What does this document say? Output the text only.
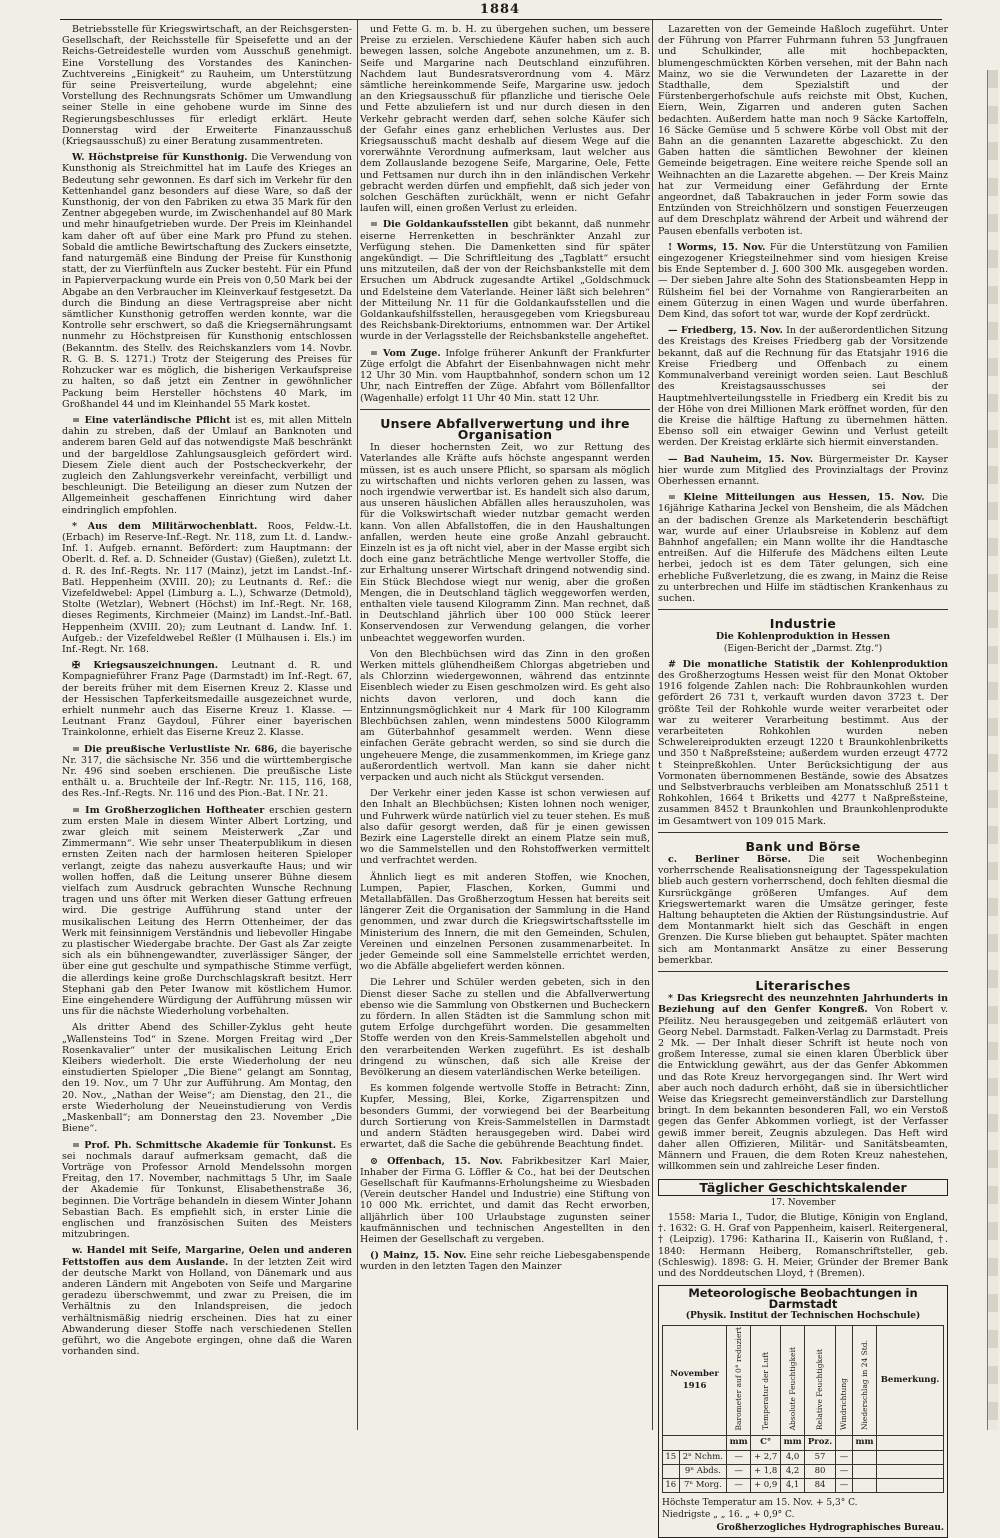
1884

Betriebsstelle für Kriegswirtschaft, an der Reichsgersten-Gesellschaft, der Reichsstelle für Speisefette und an der Reichs-Getreidestelle wurden vom Ausschuß genehmigt. Eine Vorstellung des Vorstandes des Kaninchen-Zuchtvereins „Einigkeit“ zu Rauheim, um Unterstützung für seine Preisverteilung, wurde abgelehnt; eine Vorstellung des Rechnungsrats Schömer um Umwandlung seiner Stelle in eine gehobene wurde im Sinne des Regierungsbeschlusses für erledigt erklärt. Heute Donnerstag wird der Erweiterte Finanzausschuß (Kriegsausschuß) zu einer Beratung zusammentreten.

W. Höchstpreise für Kunsthonig. Die Verwendung von Kunsthonig als Streichmittel hat im Laufe des Krieges an Bedeutung sehr gewonnen. Es darf sich im Verkehr für den Kettenhandel ganz besonders auf diese Ware, so daß der Kunsthonig, der von den Fabriken zu etwa 35 Mark für den Zentner abgegeben wurde, im Zwischenhandel auf 80 Mark und mehr hinaufgetrieben wurde. Der Preis im Kleinhandel kam daher oft auf über eine Mark pro Pfund zu stehen. Sobald die amtliche Bewirtschaftung des Zuckers einsetzte, fand naturgemäß eine Bindung der Preise für Kunsthonig statt, der zu Vierfünfteln aus Zucker besteht. Für ein Pfund in Papierverpackung wurde ein Preis von 0,50 Mark bei der Abgabe an den Verbraucher im Kleinverkauf festgesetzt. Da durch die Bindung an diese Vertragspreise aber nicht sämtlicher Kunsthonig getroffen werden konnte, war die Kontrolle sehr erschwert, so daß die Kriegsernährungsamt nunmehr zu Höchstpreisen für Kunsthonig entschlossen (Bekanntm. des Stellv. des Reichskanzlers vom 14. Novbr. R. G. B. S. 1271.) Trotz der Steigerung des Preises für Rohzucker war es möglich, die bisherigen Verkaufspreise zu halten, so daß jetzt ein Zentner in gewöhnlicher Packung beim Hersteller höchstens 40 Mark, im Großhandel 44 und im Kleinhandel 55 Mark kostet.

= Eine vaterländische Pflicht ist es, mit allen Mitteln dahin zu streben, daß der Umlauf an Banknoten und anderem baren Geld auf das notwendigste Maß beschränkt und der bargeldlose Zahlungsausgleich gefördert wird. Diesem Ziele dient auch der Postscheckverkehr, der zugleich den Zahlungsverkehr vereinfacht, verbilligt und beschleunigt. Die Beteiligung an dieser zum Nutzen der Allgemeinheit geschaffenen Einrichtung wird daher eindringlich empfohlen.

* Aus dem Militärwochenblatt. Roos, Feldw.-Lt. (Erbach) im Reserve-Inf.-Regt. Nr. 118, zum Lt. d. Landw.-Inf. 1. Aufgeb. ernannt. Befördert: zum Hauptmann: der Oberlt. d. Ref. a. D. Schneider (Gustav) (Gießen), zuletzt Lt. d. R. des Inf.-Regts. Nr. 117 (Mainz), jetzt im Landst.-Inf.-Batl. Heppenheim (XVIII. 20); zu Leutnants d. Ref.: die Vizefeldwebel: Appel (Limburg a. L.), Schwarze (Detmold), Stolte (Wetzlar), Webnert (Höchst) im Inf.-Regt. Nr. 168, dieses Regiments, Kirchmeier (Mainz) im Landst.-Inf.-Batl. Heppenheim (XVIII. 20); zum Leutnant d. Landw. Inf. 1. Aufgeb.: der Vizefeldwebel Reßler (I Mülhausen i. Els.) im Inf.-Regt. Nr. 168.

✠ Kriegsauszeichnungen. Leutnant d. R. und Kompagnieführer Franz Page (Darmstadt) im Inf.-Regt. 67, der bereits früher mit dem Eisernen Kreuz 2. Klasse und der Hessischen Tapferkeitsmedaille ausgezeichnet wurde, erhielt nunmehr auch das Eiserne Kreuz 1. Klasse. — Leutnant Franz Gaydoul, Führer einer bayerischen Trainkolonne, erhielt das Eiserne Kreuz 2. Klasse.

= Die preußische Verlustliste Nr. 686, die bayerische Nr. 317, die sächsische Nr. 356 und die württembergische Nr. 496 sind soeben erschienen. Die preußische Liste enthält u. a. Bruchteile der Inf.-Regtr. Nr. 115, 116, 168, des Res.-Inf.-Regts. Nr. 116 und des Pion.-Bat. I Nr. 21.

= Im Großherzoglichen Hoftheater erschien gestern zum ersten Male in diesem Winter Albert Lortzing, und zwar gleich mit seinem Meisterwerk „Zar und Zimmermann“. Wie sehr unser Theaterpublikum in diesen ernsten Zeiten nach der harmlosen heiteren Spieloper verlangt, zeigte das nahezu ausverkaufte Haus; und wir wollen hoffen, daß die Leitung unserer Bühne diesem vielfach zum Ausdruck gebrachten Wunsche Rechnung tragen und uns öfter mit Werken dieser Gattung erfreuen wird. Die gestrige Aufführung stand unter der musikalischen Leitung des Herrn Ottenheimer, der das Werk mit feinsinnigem Verständnis und liebevoller Hingabe zu plastischer Wiedergabe brachte. Der Gast als Zar zeigte sich als ein bühnengewandter, zuverlässiger Sänger, der über eine gut geschulte und sympathische Stimme verfügt, die allerdings keine große Durchschlagskraft besitzt. Herr Stephani gab den Peter Iwanow mit köstlichem Humor. Eine eingehendere Würdigung der Aufführung müssen wir uns für die nächste Wiederholung vorbehalten.

Als dritter Abend des Schiller-Zyklus geht heute „Wallensteins Tod“ in Szene. Morgen Freitag wird „Der Rosenkavalier“ unter der musikalischen Leitung Erich Kleibers wiederholt. Die erste Wiederholung der neu einstudierten Spieloper „Die Biene“ gelangt am Sonntag, den 19. Nov., um 7 Uhr zur Aufführung. Am Montag, den 20. Nov., „Nathan der Weise“; am Dienstag, den 21., die erste Wiederholung der Neueinstudierung von Verdis „Maskenball“; am Donnerstag den 23. November „Die Biene“.

= Prof. Ph. Schmittsche Akademie für Tonkunst. Es sei nochmals darauf aufmerksam gemacht, daß die Vorträge von Professor Arnold Mendelssohn morgen Freitag, den 17. November, nachmittags 5 Uhr, im Saale der Akademie für Tonkunst, Elisabethenstraße 36, beginnen. Die Vorträge behandeln in diesem Winter Johann Sebastian Bach. Es empfiehlt sich, in erster Linie die englischen und französischen Suiten des Meisters mitzubringen.

w. Handel mit Seife, Margarine, Oelen und anderen Fettstoffen aus dem Auslande. In der letzten Zeit wird der deutsche Markt von Holland, von Dänemark und aus anderen Ländern mit Angeboten von Seife und Margarine geradezu überschwemmt, und zwar zu Preisen, die im Verhältnis zu den Inlandspreisen, die jedoch verhältnismäßig niedrig erscheinen. Dies hat zu einer Abwanderung dieser Stoffe nach verschiedenen Stellen geführt, wo die Angebote ergingen, ohne daß die Waren vorhanden sind.

und Fette G. m. b. H. zu übergehen suchen, um bessere Preise zu erzielen. Verschiedene Käufer haben sich auch bewegen lassen, solche Angebote anzunehmen, um z. B. Seife und Margarine nach Deutschland einzuführen. Nachdem laut Bundesratsverordnung vom 4. März sämtliche hereinkommende Seife, Margarine usw. jedoch an den Kriegsausschuß für pflanzliche und tierische Oele und Fette abzuliefern ist und nur durch diesen in den Verkehr gebracht werden darf, sehen solche Käufer sich der Gefahr eines ganz erheblichen Verlustes aus. Der Kriegsausschuß macht deshalb auf diesem Wege auf die vorerwähnte Verordnung aufmerksam, laut welcher aus dem Zollauslande bezogene Seife, Margarine, Oele, Fette und Fettsamen nur durch ihn in den inländischen Verkehr gebracht werden dürfen und empfiehlt, daß sich jeder von solchen Geschäften zurückhält, wenn er nicht Gefahr laufen will, einen großen Verlust zu erleiden.

= Die Goldankaufsstellen gibt bekannt, daß nunmehr eiserne Herrenketten in beschränkter Anzahl zur Verfügung stehen. Die Damenketten sind für später angekündigt. — Die Schriftleitung des „Tagblatt“ ersucht uns mitzuteilen, daß der von der Reichsbankstelle mit dem Ersuchen um Abdruck zugesandte Artikel „Goldschmuck und Edelsteine dem Vaterlande. Heiner läßt sich belehren“ der Mitteilung Nr. 11 für die Goldankaufsstellen und die Goldankaufshilfsstellen, herausgegeben vom Kriegsbureau des Reichsbank-Direktoriums, entnommen war. Der Artikel wurde in der Verlagsstelle der Reichsbankstelle angeheftet.

= Vom Zuge. Infolge früherer Ankunft der Frankfurter Züge erfolgt die Abfahrt der Eisenbahnwagen nicht mehr 12 Uhr 30 Min. vom Hauptbahnhof, sondern schon um 12 Uhr, nach Eintreffen der Züge. Abfahrt vom Böllenfalltor (Wagenhalle) erfolgt 11 Uhr 40 Min. statt 12 Uhr.

Unsere Abfallverwertung und ihre Organisation

In dieser hochernsten Zeit, wo zur Rettung des Vaterlandes alle Kräfte aufs höchste angespannt werden müssen, ist es auch unsere Pflicht, so sparsam als möglich zu wirtschaften und nichts verloren gehen zu lassen, was noch irgendwie verwertbar ist. Es handelt sich also darum, aus unseren häuslichen Abfällen alles herauszuholen, was für die Volkswirtschaft wieder nutzbar gemacht werden kann. Von allen Abfallstoffen, die in den Haushaltungen anfallen, werden heute eine große Anzahl gebraucht. Einzeln ist es ja oft nicht viel, aber in der Masse ergibt sich doch eine ganz beträchtliche Menge wertvoller Stoffe, die zur Erhaltung unserer Wirtschaft dringend notwendig sind. Ein Stück Blechdose wiegt nur wenig, aber die großen Mengen, die in Deutschland täglich weggeworfen werden, enthalten viele tausend Kilogramm Zinn. Man rechnet, daß in Deutschland jährlich über 100 000 Stück leerer Konservendosen zur Verwendung gelangen, die vorher unbeachtet weggeworfen wurden.

Von den Blechbüchsen wird das Zinn in den großen Werken mittels glühendheißem Chlorgas abgetrieben und als Chlorzinn wiedergewonnen, während das entzinnte Eisenblech wieder zu Eisen geschmolzen wird. Es geht also nichts davon verloren, und doch kann die Entzinnungsmöglichkeit nur 4 Mark für 100 Kilogramm Blechbüchsen zahlen, wenn mindestens 5000 Kilogramm am Güterbahnhof gesammelt werden. Wenn diese einfachen Geräte gebracht werden, so sind sie durch die ungeheuere Menge, die zusammenkommen, im Kriege ganz außerordentlich wertvoll. Man kann sie daher nicht verpacken und auch nicht als Stückgut versenden.

Der Verkehr einer jeden Kasse ist schon verwiesen auf den Inhalt an Blechbüchsen; Kisten lohnen noch weniger, und Fuhrwerk würde natürlich viel zu teuer stehen. Es muß also dafür gesorgt werden, daß für je einen gewissen Bezirk eine Lagerstelle direkt an einem Platze sein muß, wo die Sammelstellen und den Rohstoffwerken vermittelt und verfrachtet werden.

Ähnlich liegt es mit anderen Stoffen, wie Knochen, Lumpen, Papier, Flaschen, Korken, Gummi und Metallabfällen. Das Großherzogtum Hessen hat bereits seit längerer Zeit die Organisation der Sammlung in die Hand genommen, und zwar durch die Kriegswirtschaftsstelle im Ministerium des Innern, die mit den Gemeinden, Schulen, Vereinen und einzelnen Personen zusammenarbeitet. In jeder Gemeinde soll eine Sammelstelle errichtet werden, wo die Abfälle abgeliefert werden können.

Die Lehrer und Schüler werden gebeten, sich in den Dienst dieser Sache zu stellen und die Abfallverwertung ebenso wie die Sammlung von Obstkernen und Bucheckern zu fördern. In allen Städten ist die Sammlung schon mit gutem Erfolge durchgeführt worden. Die gesammelten Stoffe werden von den Kreis-Sammelstellen abgeholt und den verarbeitenden Werken zugeführt. Es ist deshalb dringend zu wünschen, daß sich alle Kreise der Bevölkerung an diesem vaterländischen Werke beteiligen.

Es kommen folgende wertvolle Stoffe in Betracht: Zinn, Kupfer, Messing, Blei, Korke, Zigarrenspitzen und besonders Gummi, der vorwiegend bei der Bearbeitung durch Sortierung von Kreis-Sammelstellen in Darmstadt und andern Städten herausgegeben wird. Dabei wird erwartet, daß die Sache die gebührende Beachtung findet.

⊙ Offenbach, 15. Nov. Fabrikbesitzer Karl Maier, Inhaber der Firma G. Löffler & Co., hat bei der Deutschen Gesellschaft für Kaufmanns-Erholungsheime zu Wiesbaden (Verein deutscher Handel und Industrie) eine Stiftung von 10 000 Mk. errichtet, und damit das Recht erworben, alljährlich über 100 Urlaubstage zugunsten seiner kaufmännischen und technischen Angestellten in den Heimen der Gesellschaft zu vergeben.

() Mainz, 15. Nov. Eine sehr reiche Liebesgabenspende wurden in den letzten Tagen den Mainzer

Lazaretten von der Gemeinde Haßloch zugeführt. Unter der Führung von Pfarrer Fuhrmann fuhren 53 Jungfrauen und Schulkinder, alle mit hochbepackten, blumengeschmückten Körben versehen, mit der Bahn nach Mainz, wo sie die Verwundeten der Lazarette in der Stadthalle, dem Spezialstift und der Fürstenbergerhofschule aufs reichste mit Obst, Kuchen, Eiern, Wein, Zigarren und anderen guten Sachen bedachten. Außerdem hatte man noch 9 Säcke Kartoffeln, 16 Säcke Gemüse und 5 schwere Körbe voll Obst mit der Bahn an die genannten Lazarette abgeschickt. Zu den Gaben hatten die sämtlichen Bewohner der kleinen Gemeinde beigetragen. Eine weitere reiche Spende soll an Weihnachten an die Lazarette abgehen. — Der Kreis Mainz hat zur Vermeidung einer Gefährdung der Ernte angeordnet, daß Tabakrauchen in jeder Form sowie das Entzünden von Streichhölzern und sonstigen Feuerzeugen auf dem Dreschplatz während der Arbeit und während der Pausen ebenfalls verboten ist.

! Worms, 15. Nov. Für die Unterstützung von Familien eingezogener Kriegsteilnehmer sind vom hiesigen Kreise bis Ende September d. J. 600 300 Mk. ausgegeben worden. — Der sieben Jahre alte Sohn des Stationsbeamten Hepp in Rülsheim fiel bei der Vornahme von Rangierarbeiten an einem Güterzug in einen Wagen und wurde überfahren. Dem Kind, das sofort tot war, wurde der Kopf zerdrückt.

— Friedberg, 15. Nov. In der außerordentlichen Sitzung des Kreistags des Kreises Friedberg gab der Vorsitzende bekannt, daß auf die Rechnung für das Etatsjahr 1916 die Kreise Friedberg und Offenbach zu einem Kommunalverband vereinigt worden seien. Laut Beschluß des Kreistagsausschusses sei der Hauptmehlverteilungsstelle in Friedberg ein Kredit bis zu der Höhe von drei Millionen Mark eröffnet worden, für den die Kreise die hälftige Haftung zu übernehmen hätten. Ebenso soll ein etwaiger Gewinn und Verlust geteilt werden. Der Kreistag erklärte sich hiermit einverstanden.

— Bad Nauheim, 15. Nov. Bürgermeister Dr. Kayser hier wurde zum Mitglied des Provinzialtags der Provinz Oberhessen ernannt.

= Kleine Mitteilungen aus Hessen, 15. Nov. Die 16jährige Katharina Jeckel von Bensheim, die als Mädchen an der badischen Grenze als Marketenderin beschäftigt war, wurde auf einer Urlaubsreise in Koblenz auf dem Bahnhof angefallen; ein Mann wollte ihr die Handtasche entreißen. Auf die Hilferufe des Mädchens eilten Leute herbei, jedoch ist es dem Täter gelungen, sich eine erhebliche Fußverletzung, die es zwang, in Mainz die Reise zu unterbrechen und Hilfe im städtischen Krankenhaus zu suchen.

Industrie
Die Kohlenproduktion in Hessen
(Eigen-Bericht der „Darmst. Ztg.“)

# Die monatliche Statistik der Kohlenproduktion des Großherzogtums Hessen weist für den Monat Oktober 1916 folgende Zahlen nach: Die Rohbraunkohlen wurden gefördert 26 731 t, verkauft wurden davon 3723 t. Der größte Teil der Rohkohle wurde weiter verarbeitet oder war zu weiterer Verarbeitung bestimmt. Aus der verarbeiteten Rohkohlen wurden neben Schwelereiprodukten erzeugt 1220 t Braunkohlenbriketts und 350 t Naßpreßsteine; außerdem wurden erzeugt 4772 t Steinpreßkohlen. Unter Berücksichtigung der aus Vormonaten übernommenen Bestände, sowie des Absatzes und Selbstverbrauchs verbleiben am Monatsschluß 2511 t Rohkohlen, 1664 t Briketts und 4277 t Naßpreßsteine, zusammen 8452 t Braunkohlen und Braunkohlenprodukte im Gesamtwert von 109 015 Mark.

Bank und Börse

c. Berliner Börse. Die seit Wochenbeginn vorherrschende Realisationsneigung der Tagesspekulation blieb auch gestern vorherrschend, doch fehlten diesmal die Kursrückgänge größeren Umfanges. Auf dem Kriegswertemarkt waren die Umsätze geringer, feste Haltung behaupteten die Aktien der Rüstungsindustrie. Auf dem Montanmarkt hielt sich das Geschäft in engen Grenzen. Die Kurse blieben gut behauptet. Später machten sich am Montanmarkt Ansätze zu einer Besserung bemerkbar.

Literarisches

* Das Kriegsrecht des neunzehnten Jahrhunderts in Beziehung auf den Genfer Kongreß. Von Robert v. Pfeilitz. Neu herausgegeben und zeitgemäß erläutert von Georg Nebel. Darmstadt. Falken-Verlag zu Darmstadt. Preis 2 Mk. — Der Inhalt dieser Schrift ist heute noch von großem Interesse, zumal sie einen klaren Überblick über die Entwicklung gewährt, aus der das Genfer Abkommen und das Rote Kreuz hervorgegangen sind. Ihr Wert wird aber auch noch dadurch erhöht, daß sie in übersichtlicher Weise das Kriegsrecht gemeinverständlich zur Darstellung bringt. In dem bekannten besonderen Fall, wo ein Verstoß gegen das Genfer Abkommen vorliegt, ist der Verfasser gewiß immer bereit, Zeugnis abzulegen. Das Heft wird daher allen Offizieren, Militär- und Sanitätsbeamten, Männern und Frauen, die dem Roten Kreuz nahestehen, willkommen sein und zahlreiche Leser finden.

Täglicher Geschichtskalender
17. November

1558: Maria I., Tudor, die Blutige, Königin von England, †. 1632: G. H. Graf von Pappenheim, kaiserl. Reitergeneral, † (Leipzig). 1796: Katharina II., Kaiserin von Rußland, †. 1840: Hermann Heiberg, Romanschriftsteller, geb. (Schleswig). 1898: G. H. Meier, Gründer der Bremer Bank und des Norddeutschen Lloyd, † (Bremen).

Meteorologische Beobachtungen in Darmstadt
(Physik. Institut der Technischen Hochschule)
November
1916		Barometer auf 0° reduziert	Temperatur der Luft	Absolute Feuchtigkeit	Relative Feuchtigkeit	Windrichtung	Niederschlag in 24 Std.	Bemerkung.
		mm	C°	mm	Proz.		mm	
15	2ⁿ Nchm.	—	+ 2,7	4,0	57	—		
	9ⁿ Abds.	—	+ 1,8	4,2	80	—		
16	7ⁿ Morg.	—	+ 0,9	4,1	84	—		
Höchste Temperatur am 15. Nov. + 5,3° C.
Niedrigste „ „ 16. „ + 0,9° C.
Großherzogliches Hydrographisches Bureau.
